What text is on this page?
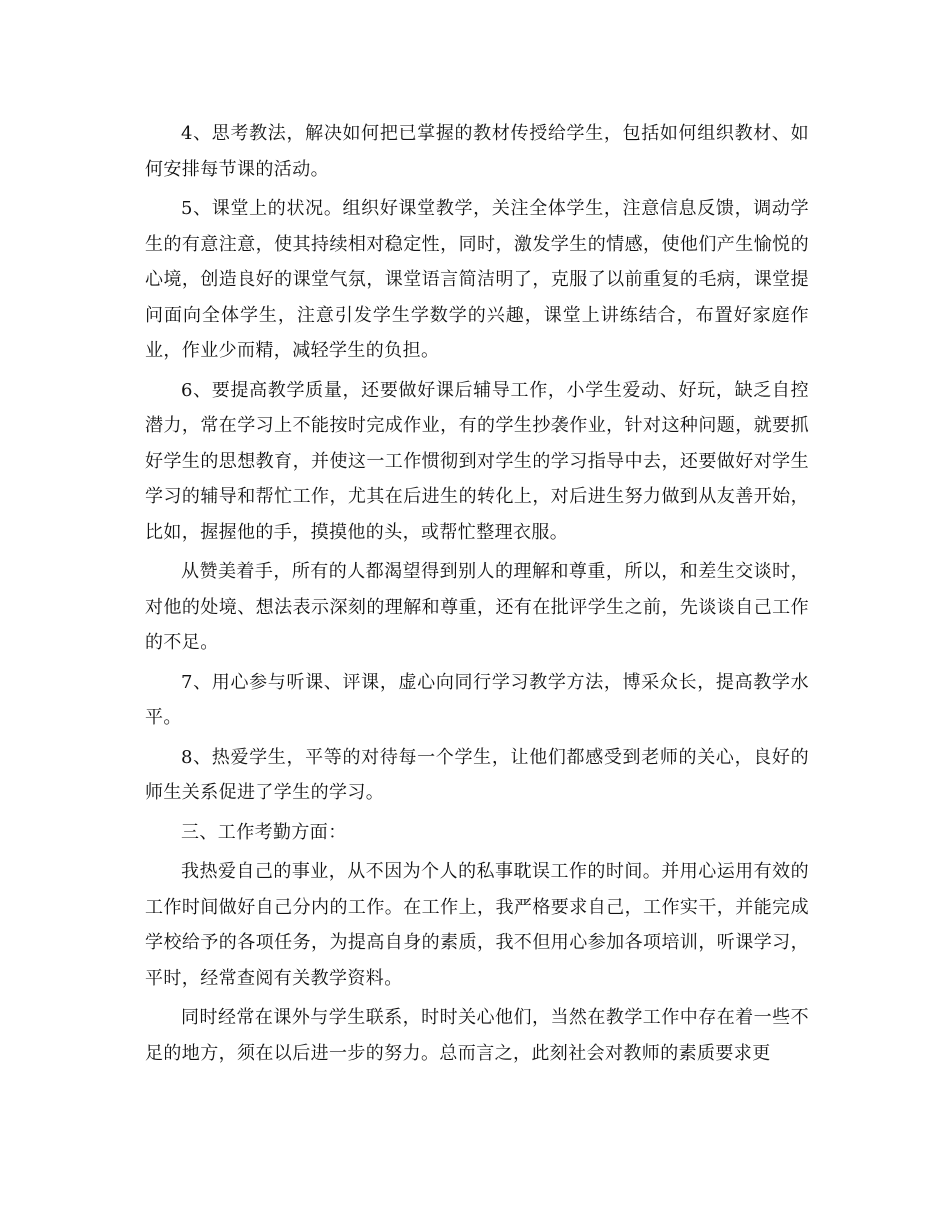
4、思考教法，解决如何把已掌握的教材传授给学生，包括如何组织教材、如何安排每节课的活动。

5、课堂上的状况。组织好课堂教学，关注全体学生，注意信息反馈，调动学生的有意注意，使其持续相对稳定性，同时，激发学生的情感，使他们产生愉悦的心境，创造良好的课堂气氛，课堂语言简洁明了，克服了以前重复的毛病，课堂提问面向全体学生，注意引发学生学数学的兴趣，课堂上讲练结合，布置好家庭作业，作业少而精，减轻学生的负担。

6、要提高教学质量，还要做好课后辅导工作，小学生爱动、好玩，缺乏自控潜力，常在学习上不能按时完成作业，有的学生抄袭作业，针对这种问题，就要抓好学生的思想教育，并使这一工作惯彻到对学生的学习指导中去，还要做好对学生学习的辅导和帮忙工作，尤其在后进生的转化上，对后进生努力做到从友善开始，比如，握握他的手，摸摸他的头，或帮忙整理衣服。

从赞美着手，所有的人都渴望得到别人的理解和尊重，所以，和差生交谈时，对他的处境、想法表示深刻的理解和尊重，还有在批评学生之前，先谈谈自己工作的不足。

7、用心参与听课、评课，虚心向同行学习教学方法，博采众长，提高教学水平。

8、热爱学生，平等的对待每一个学生，让他们都感受到老师的关心，良好的师生关系促进了学生的学习。

三、工作考勤方面：

我热爱自己的事业，从不因为个人的私事耽误工作的时间。并用心运用有效的工作时间做好自己分内的工作。在工作上，我严格要求自己，工作实干，并能完成学校给予的各项任务，为提高自身的素质，我不但用心参加各项培训，听课学习，平时，经常查阅有关教学资料。

同时经常在课外与学生联系，时时关心他们，当然在教学工作中存在着一些不足的地方，须在以后进一步的努力。总而言之，此刻社会对教师的素质要求更
